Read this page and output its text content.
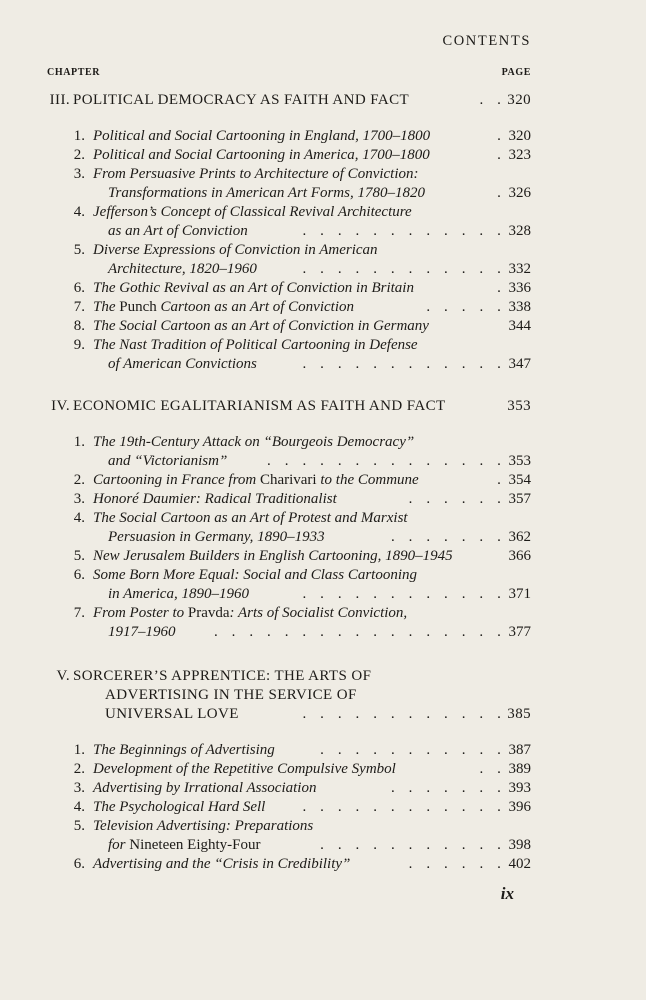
CONTENTS
CHAPTER	PAGE
III. POLITICAL DEMOCRACY AS FAITH AND FACT	. . 320
1. Political and Social Cartooning in England, 1700–1800	. 320
2. Political and Social Cartooning in America, 1700–1800	. 323
3. From Persuasive Prints to Architecture of Conviction:
Transformations in American Art Forms, 1780–1820	. 326
4. Jefferson’s Concept of Classical Revival Architecture
as an Art of Conviction	. . . . . . . . . . . . 328
5. Diverse Expressions of Conviction in American
Architecture, 1820–1960	. . . . . . . . . . . . 332
6. The Gothic Revival as an Art of Conviction in Britain	. 336
7. The Punch Cartoon as an Art of Conviction	. . . . . 338
8. The Social Cartoon as an Art of Conviction in Germany	344
9. The Nast Tradition of Political Cartooning in Defense
of American Convictions	. . . . . . . . . . . . 347
IV. ECONOMIC EGALITARIANISM AS FAITH AND FACT	353
1. The 19th-Century Attack on “Bourgeois Democracy”
and “Victorianism”	. . . . . . . . . . . . . . 353
2. Cartooning in France from Charivari to the Commune	. 354
3. Honoré Daumier: Radical Traditionalist	. . . . . . 357
4. The Social Cartoon as an Art of Protest and Marxist
Persuasion in Germany, 1890–1933	. . . . . . . 362
5. New Jerusalem Builders in English Cartooning, 1890–1945	366
6. Some Born More Equal: Social and Class Cartooning
in America, 1890–1960	. . . . . . . . . . . . 371
7. From Poster to Pravda: Arts of Socialist Conviction,
1917–1960	. . . . . . . . . . . . . . . . . 377
V. SORCERER’S APPRENTICE: THE ARTS OF
ADVERTISING IN THE SERVICE OF
UNIVERSAL LOVE	. . . . . . . . . . . . 385
1. The Beginnings of Advertising	. . . . . . . . . . . 387
2. Development of the Repetitive Compulsive Symbol	. . 389
3. Advertising by Irrational Association	. . . . . . . 393
4. The Psychological Hard Sell . . . . . . . . . . . . 396
5. Television Advertising: Preparations
for Nineteen Eighty-Four	. . . . . . . . . . . 398
6. Advertising and the “Crisis in Credibility”	. . . . . . 402
ix
